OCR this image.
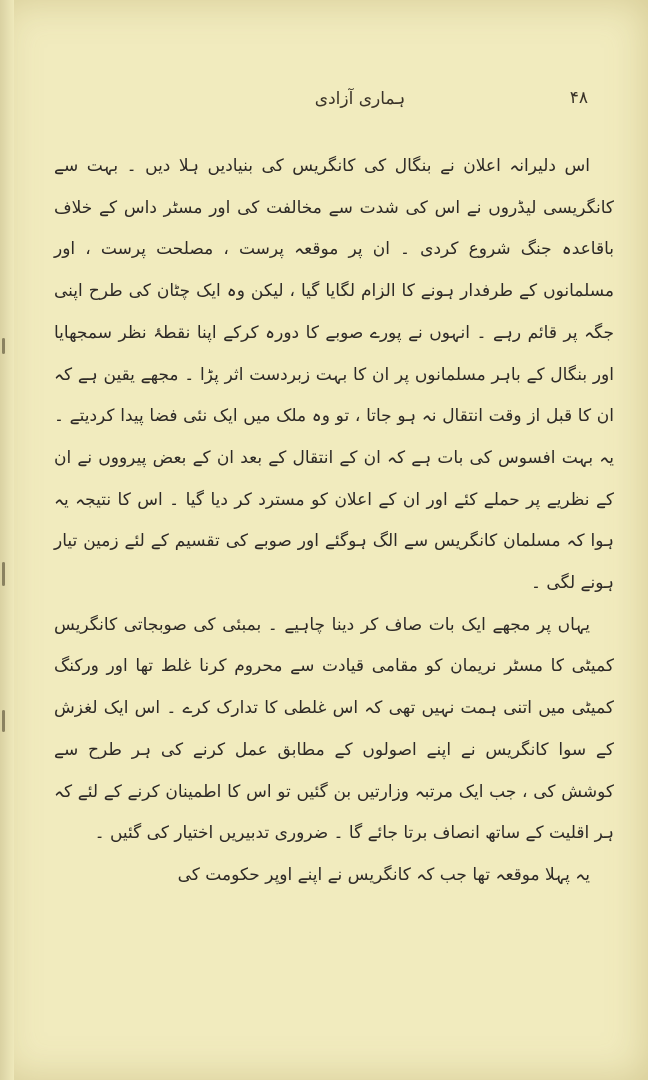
ہماری آزادی	۴۸

اس دلیرانہ اعلان نے بنگال کی کانگریس کی بنیادیں ہلا دیں ۔ بہت سے کانگریسی لیڈروں نے اس کی شدت سے مخالفت کی اور مسٹر داس کے خلاف باقاعدہ جنگ شروع کردی ۔ ان پر موقعہ پرست ، مصلحت پرست ، اور مسلمانوں کے طرفدار ہونے کا الزام لگایا گیا ، لیکن وہ ایک چٹان کی طرح اپنی جگہ پر قائم رہے ۔ انہوں نے پورے صوبے کا دورہ کرکے اپنا نقطۂ نظر سمجھایا اور بنگال کے باہر مسلمانوں پر ان کا بہت زبردست اثر پڑا ۔ مجھے یقین ہے کہ ان کا قبل از وقت انتقال نہ ہو جاتا ، تو وہ ملک میں ایک نئی فضا پیدا کردیتے ۔ یہ بہت افسوس کی بات ہے کہ ان کے انتقال کے بعد ان کے بعض پیرووں نے ان کے نظریے پر حملے کئے اور ان کے اعلان کو مسترد کر دیا گیا ۔ اس کا نتیجہ یہ ہوا کہ مسلمان کانگریس سے الگ ہوگئے اور صوبے کی تقسیم کے لئے زمین تیار ہونے لگی ۔

یہاں پر مجھے ایک بات صاف کر دینا چاہیے ۔ بمبئی کی صوبجاتی کانگریس کمیٹی کا مسٹر نریمان کو مقامی قیادت سے محروم کرنا غلط تھا اور ورکنگ کمیٹی میں اتنی ہمت نہیں تھی کہ اس غلطی کا تدارک کرے ۔ اس ایک لغزش کے سوا کانگریس نے اپنے اصولوں کے مطابق عمل کرنے کی ہر طرح سے کوشش کی ، جب ایک مرتبہ وزارتیں بن گئیں تو اس کا اطمینان کرنے کے لئے کہ ہر اقلیت کے ساتھ انصاف برتا جائے گا ۔ ضروری تدبیریں اختیار کی گئیں ۔

یہ پہلا موقعہ تھا جب کہ کانگریس نے اپنے اوپر حکومت کی
